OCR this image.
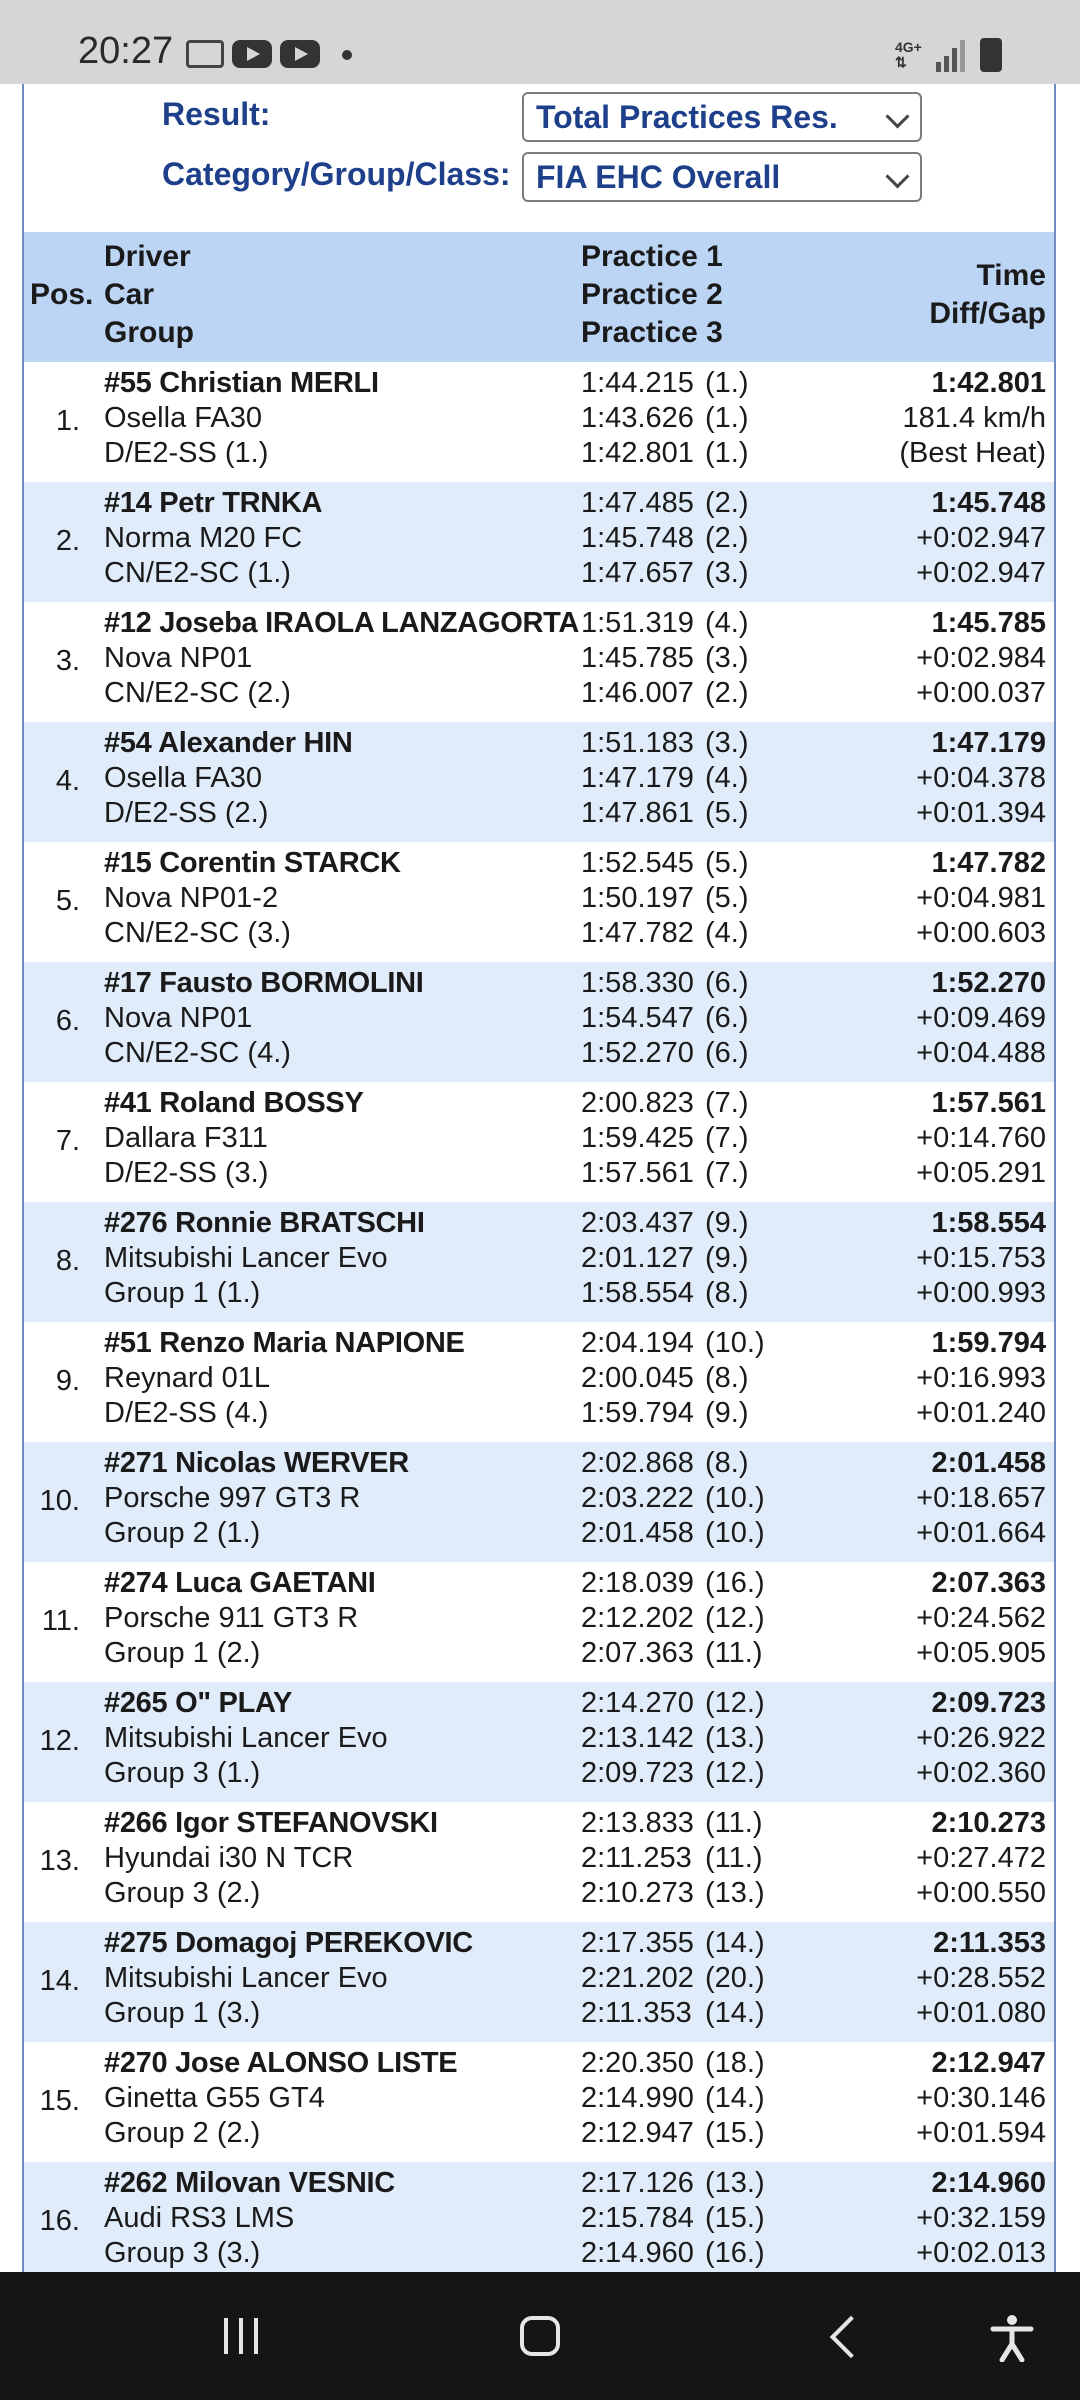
20:27	4G+
⇅
Result:	Total Practices Res.
Category/Group/Class: FIA EHC Overall
Pos.
Driver
Car
Group
Practice 1
Practice 2
Practice 3
Time
Diff/Gap
1.
#55 Christian MERLI
Osella FA30
D/E2-SS (1.)
1:44.215 (1.)
1:43.626 (1.)
1:42.801 (1.)
1:42.801
181.4 km/h
(Best Heat)
2.
#14 Petr TRNKA
Norma M20 FC
CN/E2-SC (1.)
1:47.485 (2.)
1:45.748 (2.)
1:47.657 (3.)
1:45.748
+0:02.947
+0:02.947
3.
#12 Joseba IRAOLA LANZAGORTA
Nova NP01
CN/E2-SC (2.)
1:51.319 (4.)
1:45.785 (3.)
1:46.007 (2.)
1:45.785
+0:02.984
+0:00.037
4.
#54 Alexander HIN
Osella FA30
D/E2-SS (2.)
1:51.183 (3.)
1:47.179 (4.)
1:47.861 (5.)
1:47.179
+0:04.378
+0:01.394
5.
#15 Corentin STARCK
Nova NP01-2
CN/E2-SC (3.)
1:52.545 (5.)
1:50.197 (5.)
1:47.782 (4.)
1:47.782
+0:04.981
+0:00.603
6.
#17 Fausto BORMOLINI
Nova NP01
CN/E2-SC (4.)
1:58.330 (6.)
1:54.547 (6.)
1:52.270 (6.)
1:52.270
+0:09.469
+0:04.488
7.
#41 Roland BOSSY
Dallara F311
D/E2-SS (3.)
2:00.823 (7.)
1:59.425 (7.)
1:57.561 (7.)
1:57.561
+0:14.760
+0:05.291
8.
#276 Ronnie BRATSCHI
Mitsubishi Lancer Evo
Group 1 (1.)
2:03.437 (9.)
2:01.127 (9.)
1:58.554 (8.)
1:58.554
+0:15.753
+0:00.993
9.
#51 Renzo Maria NAPIONE
Reynard 01L
D/E2-SS (4.)
2:04.194 (10.)
2:00.045 (8.)
1:59.794 (9.)
1:59.794
+0:16.993
+0:01.240
10.
#271 Nicolas WERVER
Porsche 997 GT3 R
Group 2 (1.)
2:02.868 (8.)
2:03.222 (10.)
2:01.458 (10.)
2:01.458
+0:18.657
+0:01.664
11.
#274 Luca GAETANI
Porsche 911 GT3 R
Group 1 (2.)
2:18.039 (16.)
2:12.202 (12.)
2:07.363 (11.)
2:07.363
+0:24.562
+0:05.905
12.
#265 O" PLAY
Mitsubishi Lancer Evo
Group 3 (1.)
2:14.270 (12.)
2:13.142 (13.)
2:09.723 (12.)
2:09.723
+0:26.922
+0:02.360
13.
#266 Igor STEFANOVSKI
Hyundai i30 N TCR
Group 3 (2.)
2:13.833 (11.)
2:11.253 (11.)
2:10.273 (13.)
2:10.273
+0:27.472
+0:00.550
14.
#275 Domagoj PEREKOVIC
Mitsubishi Lancer Evo
Group 1 (3.)
2:17.355 (14.)
2:21.202 (20.)
2:11.353 (14.)
2:11.353
+0:28.552
+0:01.080
15.
#270 Jose ALONSO LISTE
Ginetta G55 GT4
Group 2 (2.)
2:20.350 (18.)
2:14.990 (14.)
2:12.947 (15.)
2:12.947
+0:30.146
+0:01.594
16.
#262 Milovan VESNIC
Audi RS3 LMS
Group 3 (3.)
2:17.126 (13.)
2:15.784 (15.)
2:14.960 (16.)
2:14.960
+0:32.159
+0:02.013
